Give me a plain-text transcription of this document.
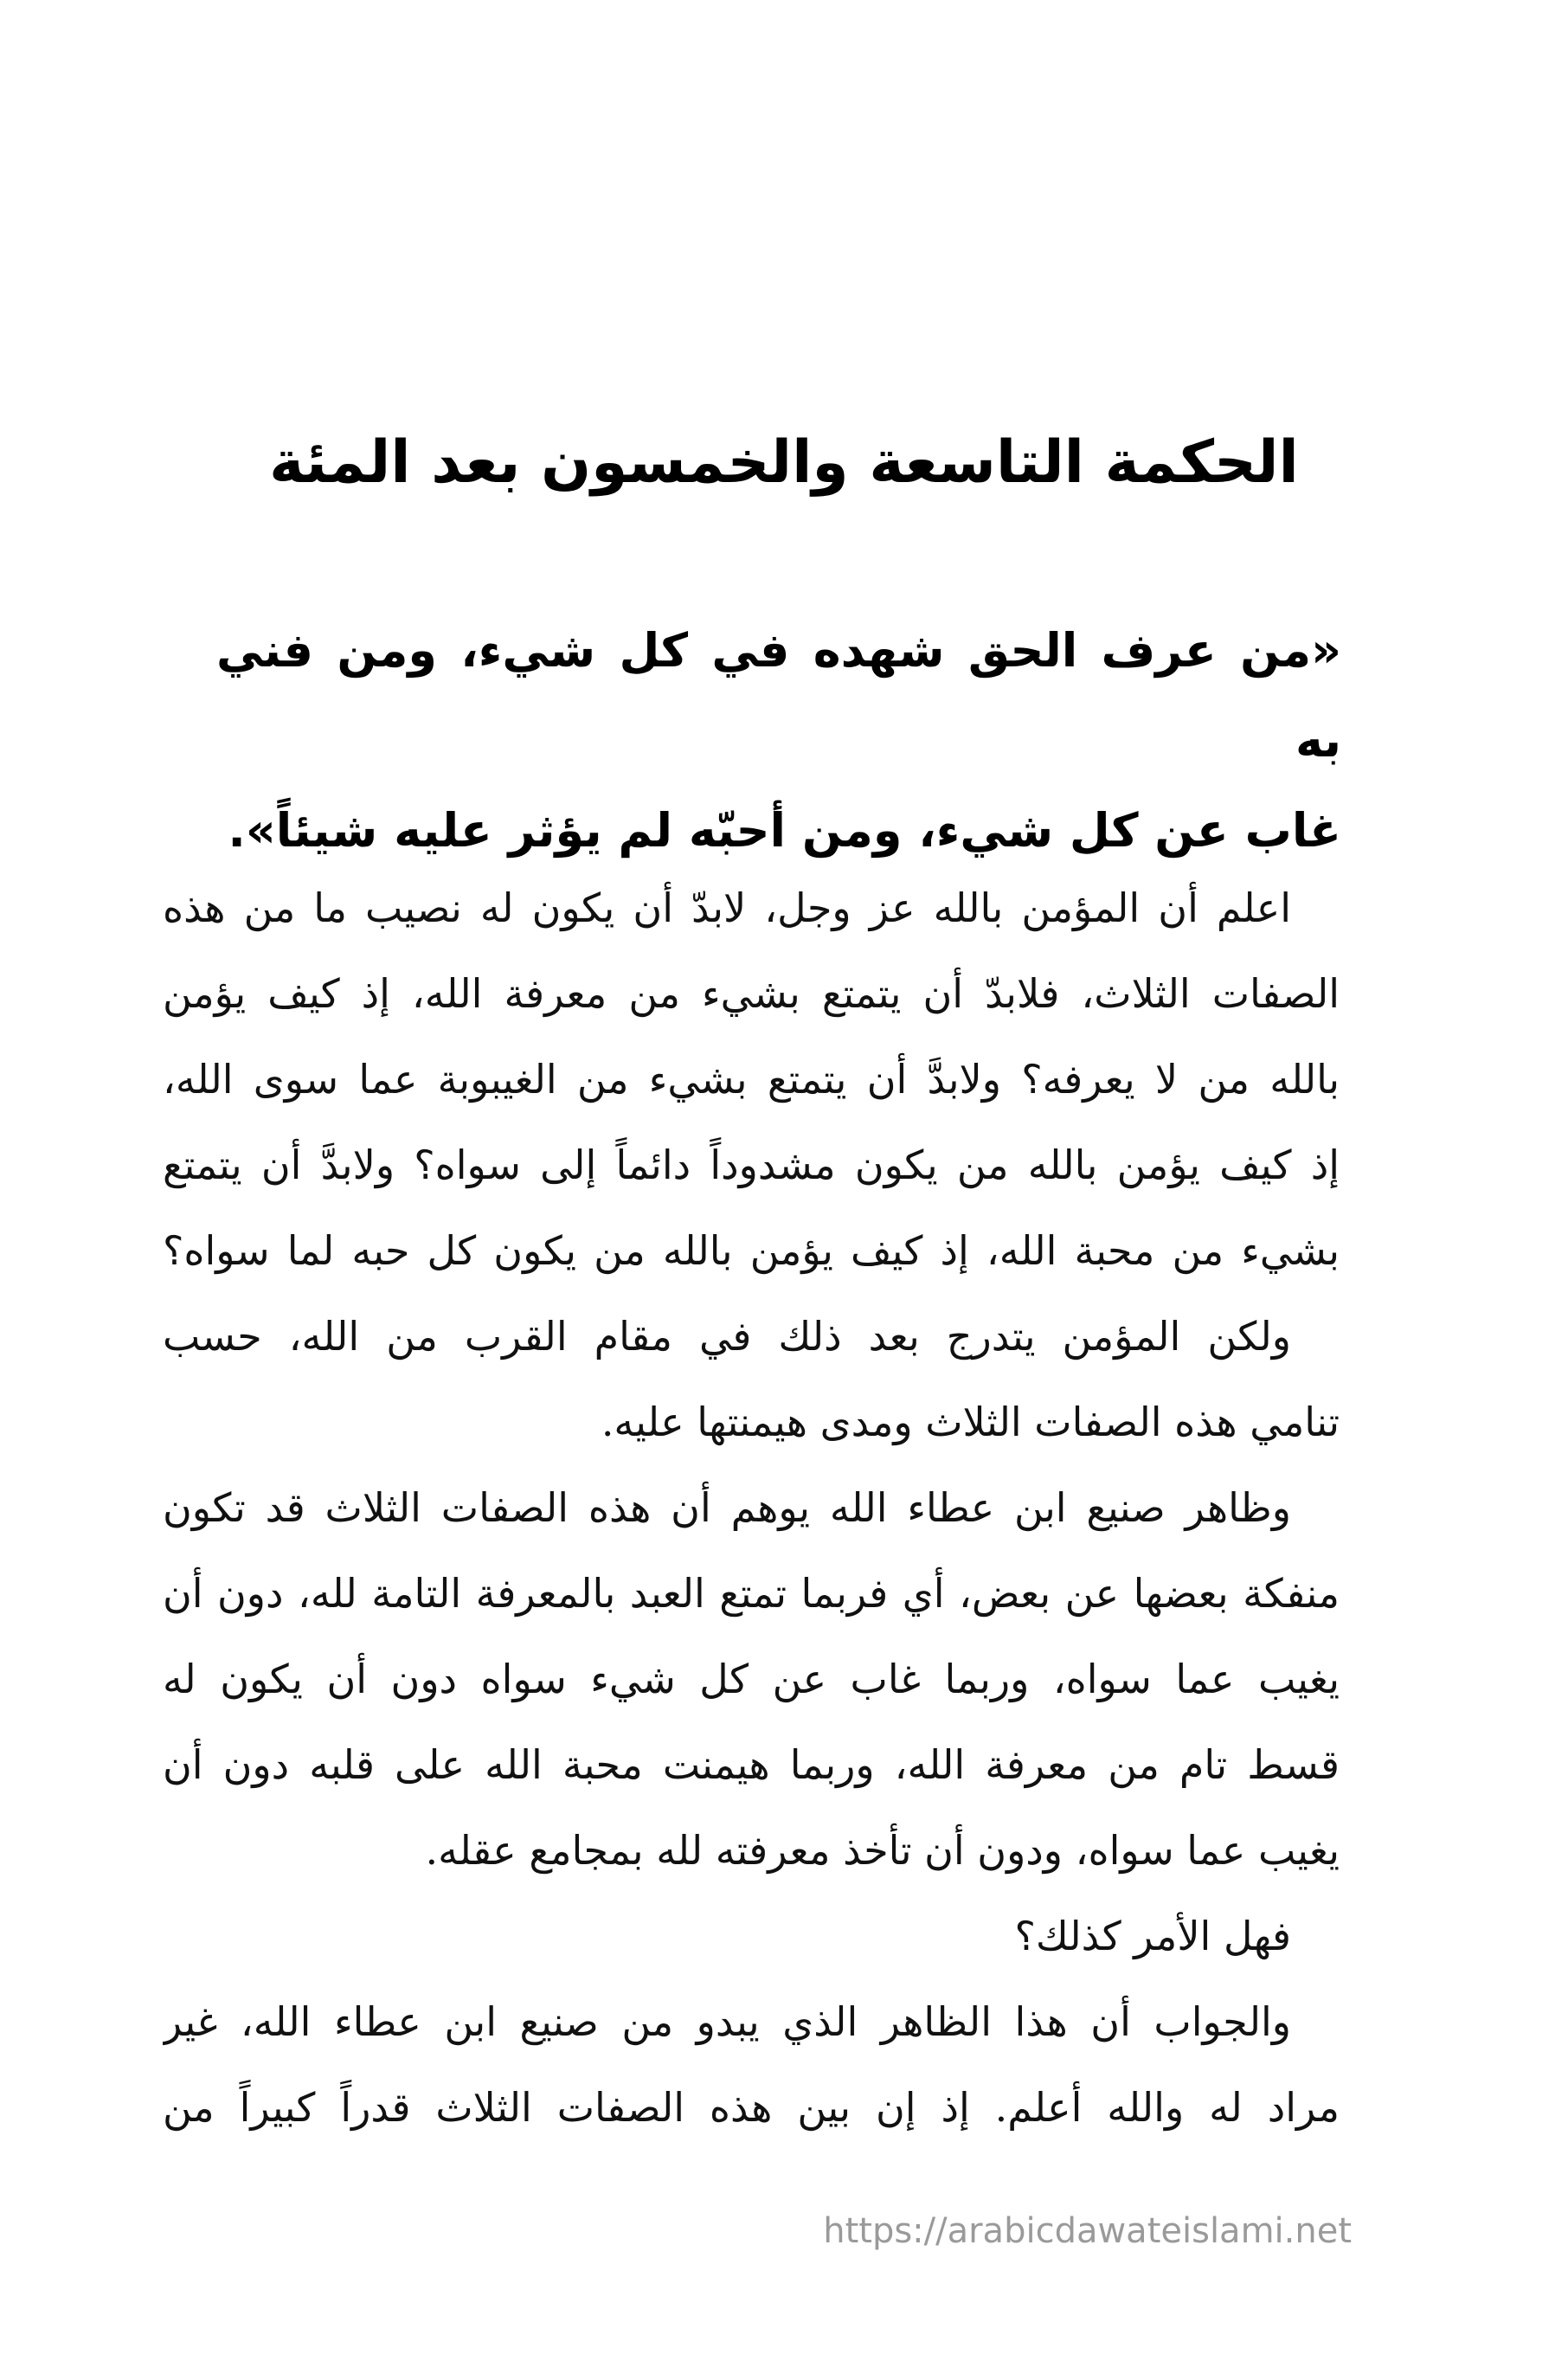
الحكمة التاسعة والخمسون بعد المئة
«من عرف الحق شهده في كل شيء، ومن فني به
غاب عن كل شيء، ومن أحبّه لم يؤثر عليه شيئاً».

اعلم أن المؤمن بالله عز وجل، لابدّ أن يكون له نصيب ما من هذه
الصفات الثلاث، فلابدّ أن يتمتع بشيء من معرفة الله، إذ كيف يؤمن
بالله من لا يعرفه؟ ولابدَّ أن يتمتع بشيء من الغيبوبة عما سوى الله،
إذ كيف يؤمن بالله من يكون مشدوداً دائماً إلى سواه؟ ولابدَّ أن يتمتع
بشيء من محبة الله، إذ كيف يؤمن بالله من يكون كل حبه لما سواه؟

ولكن المؤمن يتدرج بعد ذلك في مقام القرب من الله، حسب
تنامي هذه الصفات الثلاث ومدى هيمنتها عليه.

وظاهر صنيع ابن عطاء الله يوهم أن هذه الصفات الثلاث قد تكون
منفكة بعضها عن بعض، أي فربما تمتع العبد بالمعرفة التامة لله، دون أن
يغيب عما سواه، وربما غاب عن كل شيء سواه دون أن يكون له
قسط تام من معرفة الله، وربما هيمنت محبة الله على قلبه دون أن
يغيب عما سواه، ودون أن تأخذ معرفته لله بمجامع عقله.

فهل الأمر كذلك؟

والجواب أن هذا الظاهر الذي يبدو من صنيع ابن عطاء الله، غير
مراد له والله أعلم. إذ إن بين هذه الصفات الثلاث قدراً كبيراً من

https://arabicdawateislami.net
